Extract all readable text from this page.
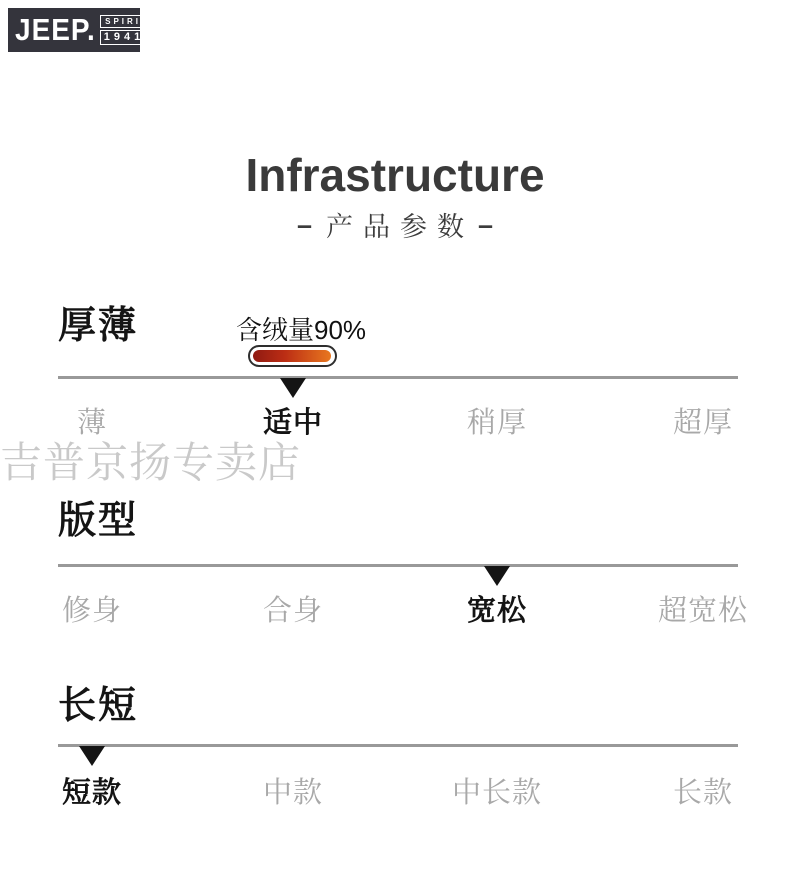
JEEP.	SPIRIT
1941
Infrastructure
– 产品参数 –
厚薄	含绒量90%
薄	适中	稍厚	超厚
吉普京扬专卖店
版型
修身	合身	宽松	超宽松
长短
短款	中款	中长款	长款
